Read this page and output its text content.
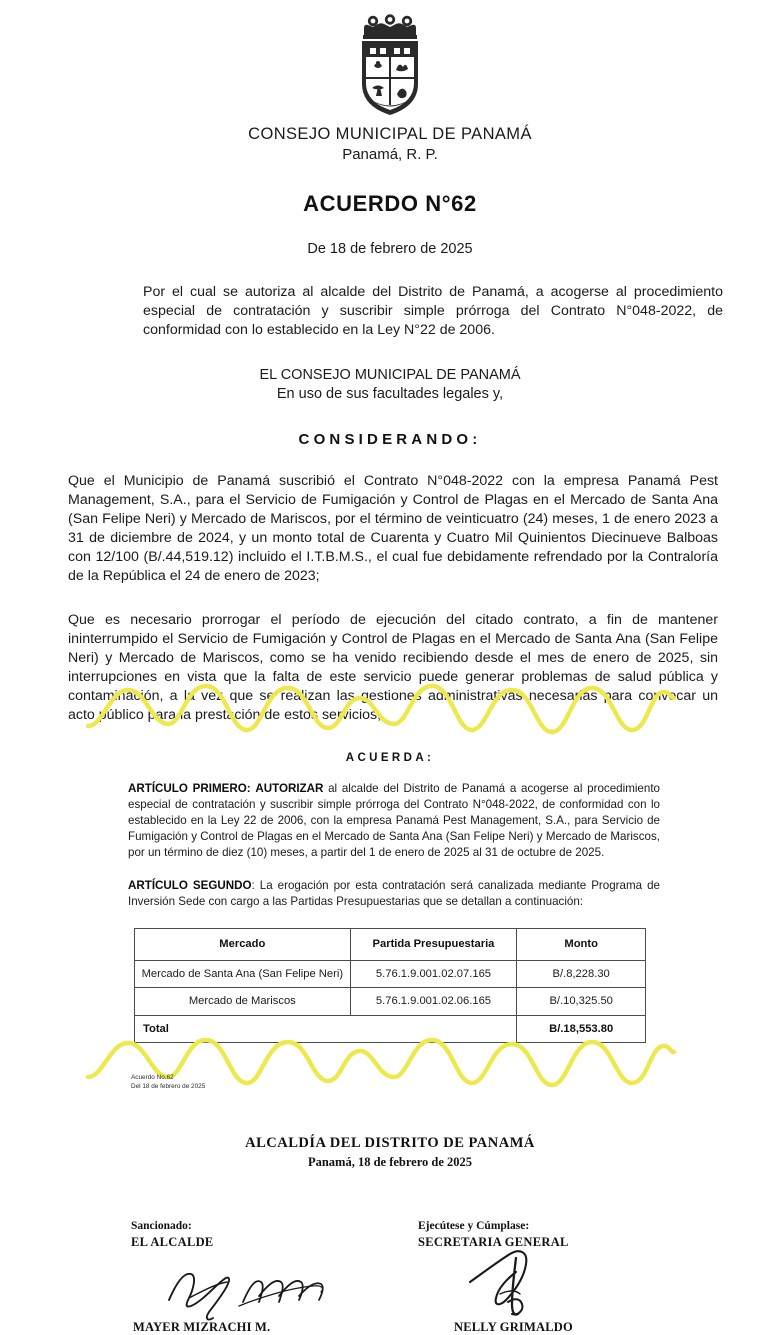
CONSEJO MUNICIPAL DE PANAMÁ
Panamá, R. P.
ACUERDO N°62
De 18 de febrero de 2025
Por el cual se autoriza al alcalde del Distrito de Panamá, a acogerse al procedimiento especial de contratación y suscribir simple prórroga del Contrato N°048-2022, de conformidad con lo establecido en la Ley N°22 de 2006.
EL CONSEJO MUNICIPAL DE PANAMÁ
En uso de sus facultades legales y,
CONSIDERANDO:
Que el Municipio de Panamá suscribió el Contrato N°048-2022 con la empresa Panamá Pest Management, S.A., para el Servicio de Fumigación y Control de Plagas en el Mercado de Santa Ana (San Felipe Neri) y Mercado de Mariscos, por el término de veinticuatro (24) meses, 1 de enero 2023 a 31 de diciembre de 2024, y un monto total de Cuarenta y Cuatro Mil Quinientos Diecinueve Balboas con 12/100 (B/.44,519.12) incluido el I.T.B.M.S., el cual fue debidamente refrendado por la Contraloría de la República el 24 de enero de 2023;
Que es necesario prorrogar el período de ejecución del citado contrato, a fin de mantener ininterrumpido el Servicio de Fumigación y Control de Plagas en el Mercado de Santa Ana (San Felipe Neri) y Mercado de Mariscos, como se ha venido recibiendo desde el mes de enero de 2025, sin interrupciones en vista que la falta de este servicio puede generar problemas de salud pública y contaminación, a la vez que se realizan las gestiones administrativas necesarias para convocar un acto público para la prestación de estos servicios;
ACUERDA:
ARTÍCULO PRIMERO: AUTORIZAR al alcalde del Distrito de Panamá a acogerse al procedimiento especial de contratación y suscribir simple prórroga del Contrato N°048-2022, de conformidad con lo establecido en la Ley 22 de 2006, con la empresa Panamá Pest Management, S.A., para Servicio de Fumigación y Control de Plagas en el Mercado de Santa Ana (San Felipe Neri) y Mercado de Mariscos, por un término de diez (10) meses, a partir del 1 de enero de 2025 al 31 de octubre de 2025.
ARTÍCULO SEGUNDO: La erogación por esta contratación será canalizada mediante Programa de Inversión Sede con cargo a las Partidas Presupuestarias que se detallan a continuación:
Mercado	Partida Presupuestaria	Monto
Mercado de Santa Ana (San Felipe Neri)	5.76.1.9.001.02.07.165	B/.8,228.30
Mercado de Mariscos	5.76.1.9.001.02.06.165	B/.10,325.50
Total		B/.18,553.80
Acuerdo No.62
Del 18 de febrero de 2025
ALCALDÍA DEL DISTRITO DE PANAMÁ
Panamá, 18 de febrero de 2025
Sancionado:
EL ALCALDE
MAYER MIZRACHI M.
Ejecútese y Cúmplase:
SECRETARIA GENERAL
NELLY GRIMALDO
